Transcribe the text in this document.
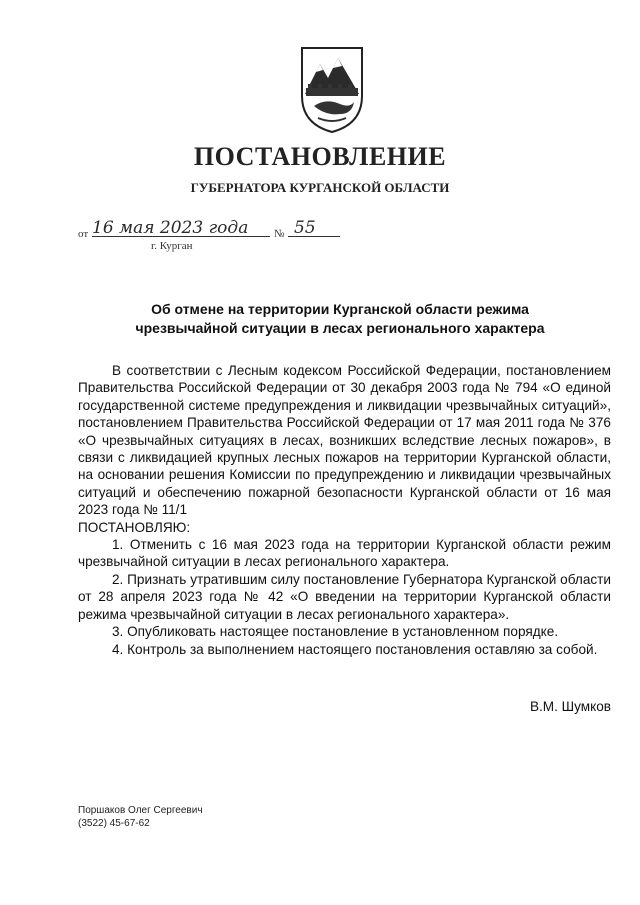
ПОСТАНОВЛЕНИЕ
ГУБЕРНАТОРА КУРГАНСКОЙ ОБЛАСТИ
от 16 мая 2023 года № 55
г. Курган
Об отмене на территории Курганской области режима
чрезвычайной ситуации в лесах регионального характера

В соответствии с Лесным кодексом Российской Федерации, постановлением Правительства Российской Федерации от 30 декабря 2003 года № 794 «О единой государственной системе предупреждения и ликвидации чрезвычайных ситуаций», постановлением Правительства Российской Федерации от 17 мая 2011 года № 376 «О чрезвычайных ситуациях в лесах, возникших вследствие лесных пожаров», в связи с ликвидацией крупных лесных пожаров на территории Курганской области, на основании решения Комиссии по предупреждению и ликвидации чрезвычайных ситуаций и обеспечению пожарной безопасности Курганской области от 16 мая 2023 года № 11/1

ПОСТАНОВЛЯЮ:

1. Отменить с 16 мая 2023 года на территории Курганской области режим чрезвычайной ситуации в лесах регионального характера.

2. Признать утратившим силу постановление Губернатора Курганской области от 28 апреля 2023 года № 42 «О введении на территории Курганской области режима чрезвычайной ситуации в лесах регионального характера».

3. Опубликовать настоящее постановление в установленном порядке.

4. Контроль за выполнением настоящего постановления оставляю за собой.

В.М. Шумков
Поршаков Олег Сергеевич
(3522) 45-67-62
